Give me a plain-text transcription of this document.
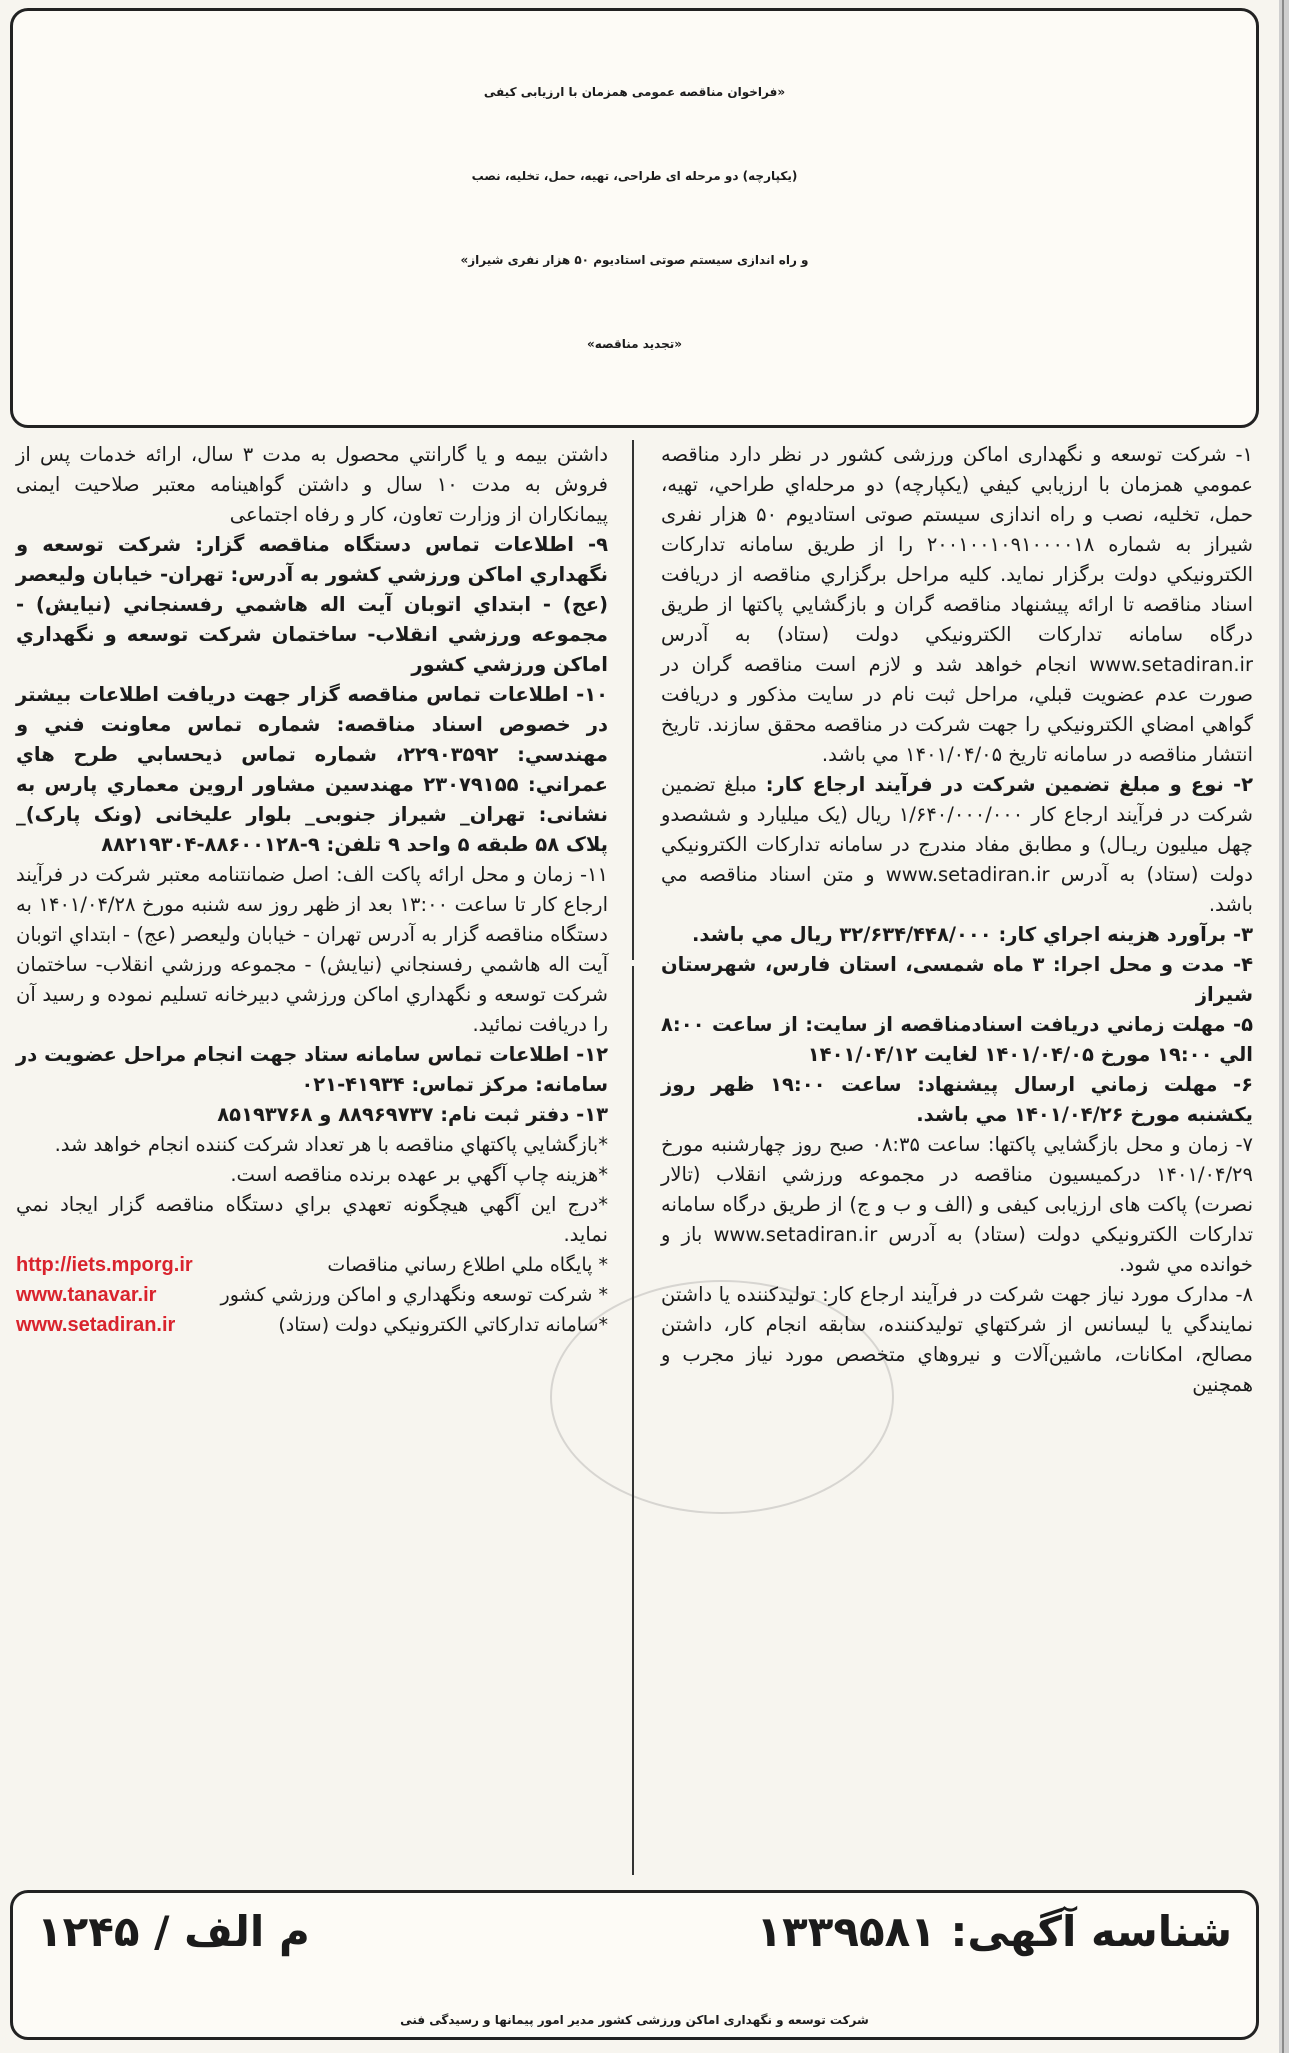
«فراخوان مناقصه عمومی همزمان با ارزیابی کیفی
(یکپارچه) دو مرحله ای طراحی، تهیه، حمل، تخلیه، نصب
و راه اندازی سیستم صوتی استادیوم ۵۰ هزار نفری شیراز»
«تجدید مناقصه»

۱- شرکت توسعه و نگهداری اماکن ورزشی کشور در نظر دارد مناقصه عمومي همزمان با ارزيابي کيفي (يکپارچه) دو مرحله‌اي طراحي، تهيه، حمل، تخليه، نصب و راه اندازی سيستم صوتی استاديوم ۵۰ هزار نفری شيراز به شماره ۲۰۰۱۰۰۱۰۹۱۰۰۰۰۱۸ را از طريق سامانه تدارکات الکترونيکي دولت برگزار نمايد. کليه مراحل برگزاري مناقصه از دريافت اسناد مناقصه تا ارائه پيشنهاد مناقصه گران و بازگشايي پاکتها از طريق درگاه سامانه تدارکات الکترونيکي دولت (ستاد) به آدرس www.setadiran.ir انجام خواهد شد و لازم است مناقصه گران در صورت عدم عضويت قبلي، مراحل ثبت نام در سايت مذکور و دريافت گواهي امضاي الکترونيکي را جهت شرکت در مناقصه محقق سازند. تاريخ انتشار مناقصه در سامانه تاريخ ۱۴۰۱/۰۴/۰۵ مي باشد.

۲- نوع و مبلغ تضمين شرکت در فرآيند ارجاع کار: مبلغ تضمين شرکت در فرآيند ارجاع کار ۱/۶۴۰/۰۰۰/۰۰۰ ريال (يک ميليارد و ششصدو چهل ميليون ريـال) و مطابق مفاد مندرج در سامانه تدارکات الکترونيکي دولت (ستاد) به آدرس www.setadiran.ir و متن اسناد مناقصه مي باشد.

۳- برآورد هزينه اجراي کار: ۳۲/۶۳۴/۴۴۸/۰۰۰ ريال مي باشد.

۴- مدت و محل اجرا: ۳ ماه شمسی، استان فارس، شهرستان شيراز

۵- مهلت زماني دريافت اسنادمناقصه از سايت: از ساعت ۸:۰۰ الي ۱۹:۰۰ مورخ ۱۴۰۱/۰۴/۰۵ لغايت ۱۴۰۱/۰۴/۱۲

۶- مهلت زماني ارسال پيشنهاد: ساعت ۱۹:۰۰ ظهر روز يکشنبه مورخ ۱۴۰۱/۰۴/۲۶ مي باشد.

۷- زمان و محل بازگشايي پاکتها: ساعت ۰۸:۳۵ صبح روز چهارشنبه مورخ ۱۴۰۱/۰۴/۲۹ درکميسيون مناقصه در مجموعه ورزشي انقلاب (تالار نصرت) پاکت های ارزيابی کيفی و (الف و ب و ج) از طريق درگاه سامانه تدارکات الکترونيکي دولت (ستاد) به آدرس www.setadiran.ir باز و خوانده مي شود.

۸- مدارک مورد نياز جهت شرکت در فرآيند ارجاع کار: توليدکننده يا داشتن نمايندگي يا ليسانس از شرکتهاي توليدکننده، سابقه انجام کار، داشتن مصالح، امکانات، ماشين‌آلات و نيروهاي متخصص مورد نياز مجرب و همچنين

داشتن بيمه و يا گارانتي محصول به مدت ۳ سال، ارائه خدمات پس از فروش به مدت ۱۰ سال و داشتن گواهينامه معتبر صلاحيت ايمنی پيمانکاران از وزارت تعاون، کار و رفاه اجتماعی

۹- اطلاعات تماس دستگاه مناقصه گزار: شرکت توسعه و نگهداري اماکن ورزشي کشور به آدرس: تهران- خيابان وليعصر (عج) - ابتداي اتوبان آيت اله هاشمي رفسنجاني (نيايش) - مجموعه ورزشي انقلاب- ساختمان شرکت توسعه و نگهداري اماکن ورزشي کشور

۱۰- اطلاعات تماس مناقصه گزار جهت دريافت اطلاعات بيشتر در خصوص اسناد مناقصه: شماره تماس معاونت فني و مهندسي: ۲۲۹۰۳۵۹۲، شماره تماس ذيحسابي طرح هاي عمراني: ۲۳۰۷۹۱۵۵ مهندسين مشاور اروين معماري پارس به نشانی: تهران_ شيراز جنوبی_ بلوار عليخانی (ونک پارک)_ پلاک ۵۸ طبقه ۵ واحد ۹ تلفن: ۹-۸۸۶۰۰۱۲۸-۸۸۲۱۹۳۰۴

۱۱- زمان و محل ارائه پاکت الف: اصل ضمانتنامه معتبر شرکت در فرآيند ارجاع کار تا ساعت ۱۳:۰۰ بعد از ظهر روز سه شنبه مورخ ۱۴۰۱/۰۴/۲۸ به دستگاه مناقصه گزار به آدرس تهران - خيابان وليعصر (عج) - ابتداي اتوبان آيت اله هاشمي رفسنجاني (نيايش) - مجموعه ورزشي انقلاب- ساختمان شرکت توسعه و نگهداري اماکن ورزشي دبيرخانه تسليم نموده و رسيد آن را دريافت نمائيد.

۱۲- اطلاعات تماس سامانه ستاد جهت انجام مراحل عضويت در سامانه: مرکز تماس: ۴۱۹۳۴-۰۲۱

۱۳- دفتر ثبت نام: ۸۸۹۶۹۷۳۷ و ۸۵۱۹۳۷۶۸

*بازگشايي پاکتهاي مناقصه با هر تعداد شرکت کننده انجام خواهد شد.

*هزينه چاپ آگهي بر عهده برنده مناقصه است.

*درج اين آگهي هيچگونه تعهدي براي دستگاه مناقصه گزار ايجاد نمي نمايد.

* پايگاه ملي اطلاع رساني مناقصات
http://iets.mporg.ir
* شرکت توسعه ونگهداري و اماکن ورزشي کشور
www.tanavar.ir
*سامانه تدارکاتي الکترونيکي دولت (ستاد)
www.setadiran.ir
شناسه آگهی: ۱۳۳۹۵۸۱
م الف / ۱۲۴۵
شرکت توسعه و نگهداری اماکن ورزشی کشور مدیر امور پیمانها و رسیدگی فنی
